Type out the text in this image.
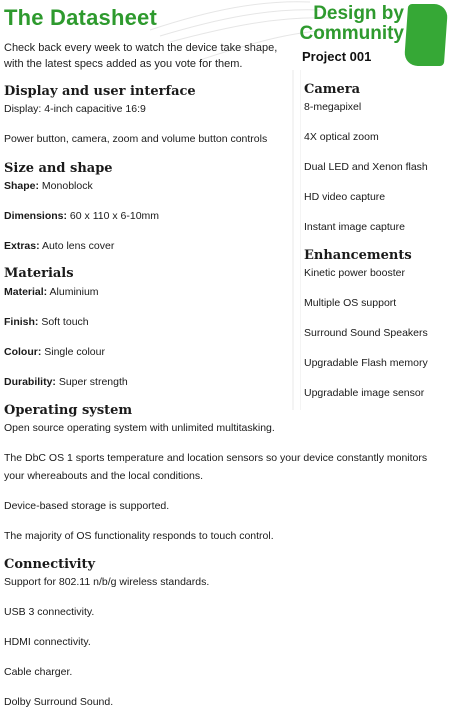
The Datasheet
Check back every week to watch the device take shape, with the latest specs added as you vote for them.
Design by
Community
Project 001
Display and user interface
Display: 4-inch capacitive 16:9
Power button, camera, zoom and volume button controls
Size and shape
Shape: Monoblock
Dimensions: 60 x 110 x 6-10mm
Extras: Auto lens cover
Materials
Material: Aluminium
Finish: Soft touch
Colour: Single colour
Durability: Super strength
Camera
8-megapixel
4X optical zoom
Dual LED and Xenon flash
HD video capture
Instant image capture
Enhancements
Kinetic power booster
Multiple OS support
Surround Sound Speakers
Upgradable Flash memory
Upgradable image sensor
Operating system
Open source operating system with unlimited multitasking.
The DbC OS 1 sports temperature and location sensors so your device constantly monitors your whereabouts and the local conditions.
Device-based storage is supported.
The majority of OS functionality responds to touch control.
Connectivity
Support for 802.11 n/b/g wireless standards.
USB 3 connectivity.
HDMI connectivity.
Cable charger.
Dolby Surround Sound.
